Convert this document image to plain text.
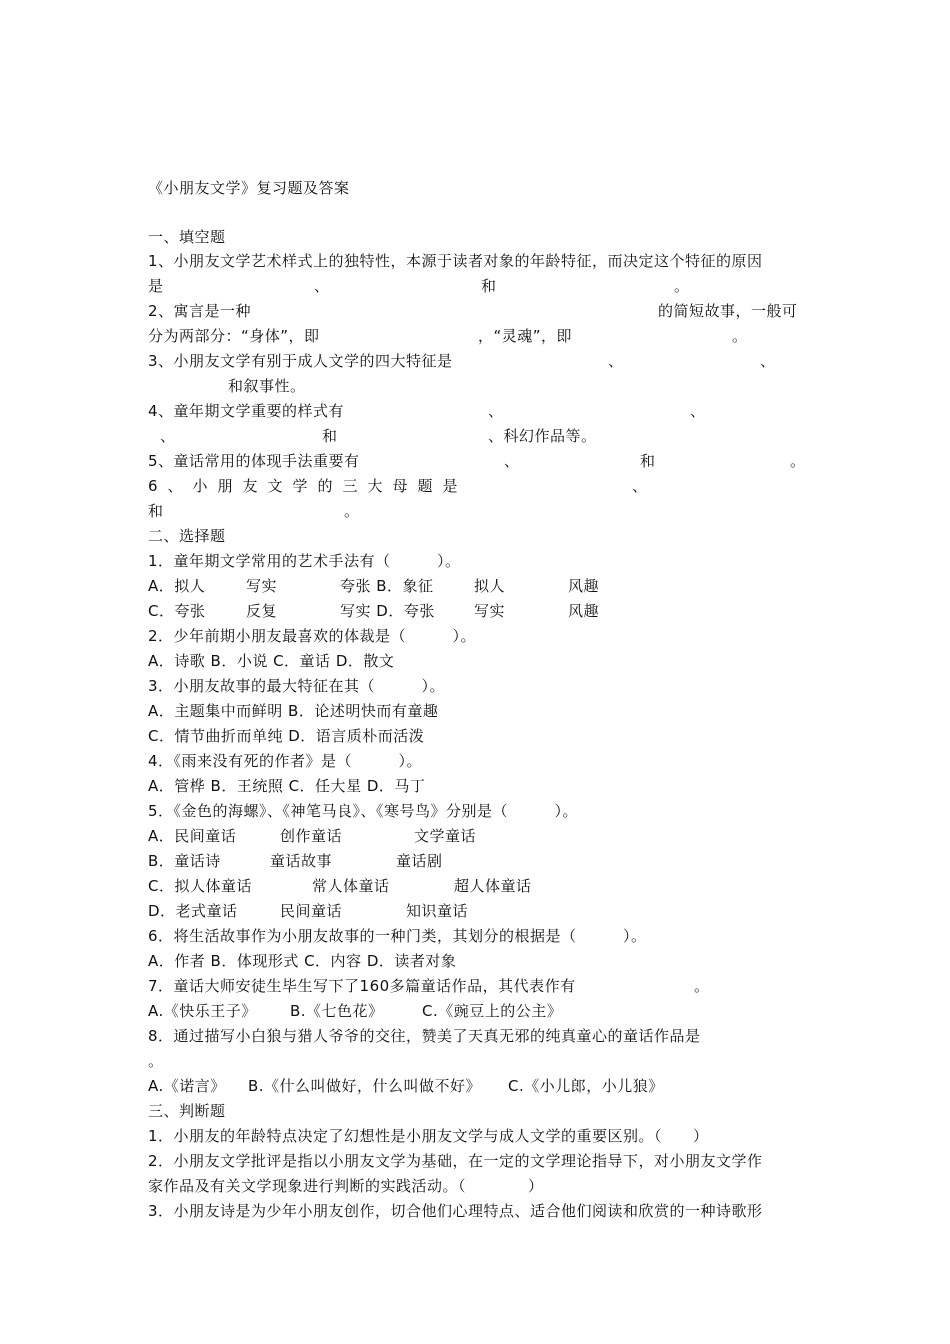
《小朋友文学》复习题及答案
一、填空题
1、小朋友文学艺术样式上的独特性，本源于读者对象的年龄特征，而决定这个特征的原因
是	、	和	。
2、寓言是一种	的简短故事，一般可
分为两部分：“身体”，即	，“灵魂”，即	。
3、小朋友文学有别于成人文学的四大特征是	、	、
和叙事性。
4、童年期文学重要的样式有	、	、
、	和	、科幻作品等。
5、童话常用的体现手法重要有	、	和	。
6、小朋友文学的三大母题是	、
和	。
二、选择题
1．童年期文学常用的艺术手法有（　　　）。
A．拟人	写实	夸张 B．象征	拟人	风趣
C．夸张	反复	写实 D．夸张	写实	风趣
2．少年前期小朋友最喜欢的体裁是（　　　）。
A．诗歌 B．小说 C．童话 D．散文
3．小朋友故事的最大特征在其（　　　）。
A．主题集中而鲜明 B．论述明快而有童趣
C．情节曲折而单纯 D．语言质朴而活泼
4．《雨来没有死的作者》是（　　　）。
A．管桦 B．王统照 C．任大星 D．马丁
5．《金色的海螺》、《神笔马良》、《寒号鸟》分别是（　　　）。
A．民间童话	创作童话	文学童话
B．童话诗	童话故事	童话剧
C．拟人体童话	常人体童话	超人体童话
D．老式童话	民间童话	知识童话
6．将生活故事作为小朋友故事的一种门类，其划分的根据是（　　　）。
A．作者 B．体现形式 C．内容 D．读者对象
7．童话大师安徒生毕生写下了160多篇童话作品，其代表作有	。
A.《快乐王子》 B.《七色花》	C.《豌豆上的公主》
8．通过描写小白狼与猎人爷爷的交往，赞美了天真无邪的纯真童心的童话作品是
。
A.《诺言》 B.《什么叫做好，什么叫做不好》 C.《小儿郎，小儿狼》
三、判断题
1．小朋友的年龄特点决定了幻想性是小朋友文学与成人文学的重要区别。（　　）
2．小朋友文学批评是指以小朋友文学为基础，在一定的文学理论指导下，对小朋友文学作
家作品及有关文学现象进行判断的实践活动。（　　　　）
3．小朋友诗是为少年小朋友创作，切合他们心理特点、适合他们阅读和欣赏的一种诗歌形
